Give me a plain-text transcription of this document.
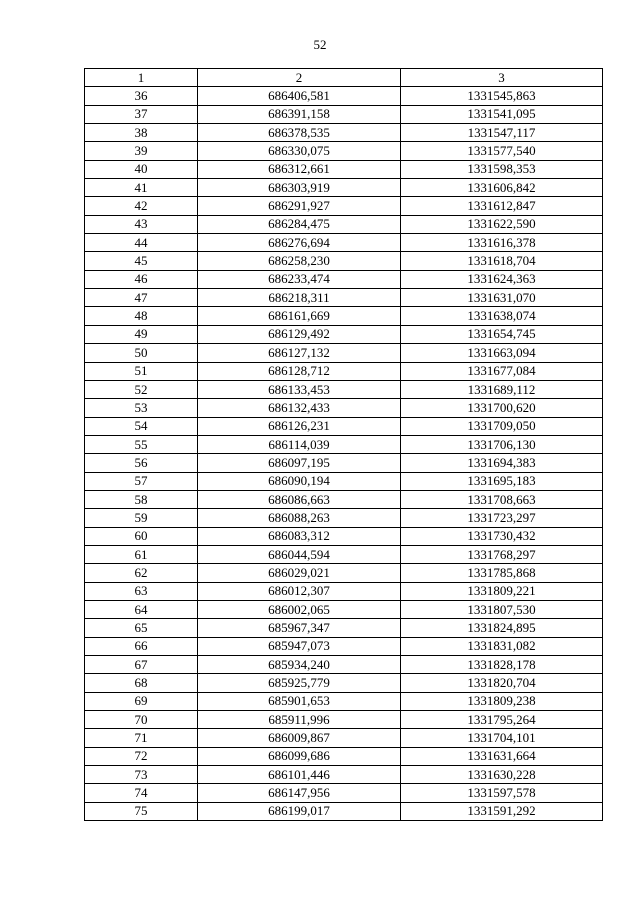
52
1	2	3
36	686406,581	1331545,863
37	686391,158	1331541,095
38	686378,535	1331547,117
39	686330,075	1331577,540
40	686312,661	1331598,353
41	686303,919	1331606,842
42	686291,927	1331612,847
43	686284,475	1331622,590
44	686276,694	1331616,378
45	686258,230	1331618,704
46	686233,474	1331624,363
47	686218,311	1331631,070
48	686161,669	1331638,074
49	686129,492	1331654,745
50	686127,132	1331663,094
51	686128,712	1331677,084
52	686133,453	1331689,112
53	686132,433	1331700,620
54	686126,231	1331709,050
55	686114,039	1331706,130
56	686097,195	1331694,383
57	686090,194	1331695,183
58	686086,663	1331708,663
59	686088,263	1331723,297
60	686083,312	1331730,432
61	686044,594	1331768,297
62	686029,021	1331785,868
63	686012,307	1331809,221
64	686002,065	1331807,530
65	685967,347	1331824,895
66	685947,073	1331831,082
67	685934,240	1331828,178
68	685925,779	1331820,704
69	685901,653	1331809,238
70	685911,996	1331795,264
71	686009,867	1331704,101
72	686099,686	1331631,664
73	686101,446	1331630,228
74	686147,956	1331597,578
75	686199,017	1331591,292
